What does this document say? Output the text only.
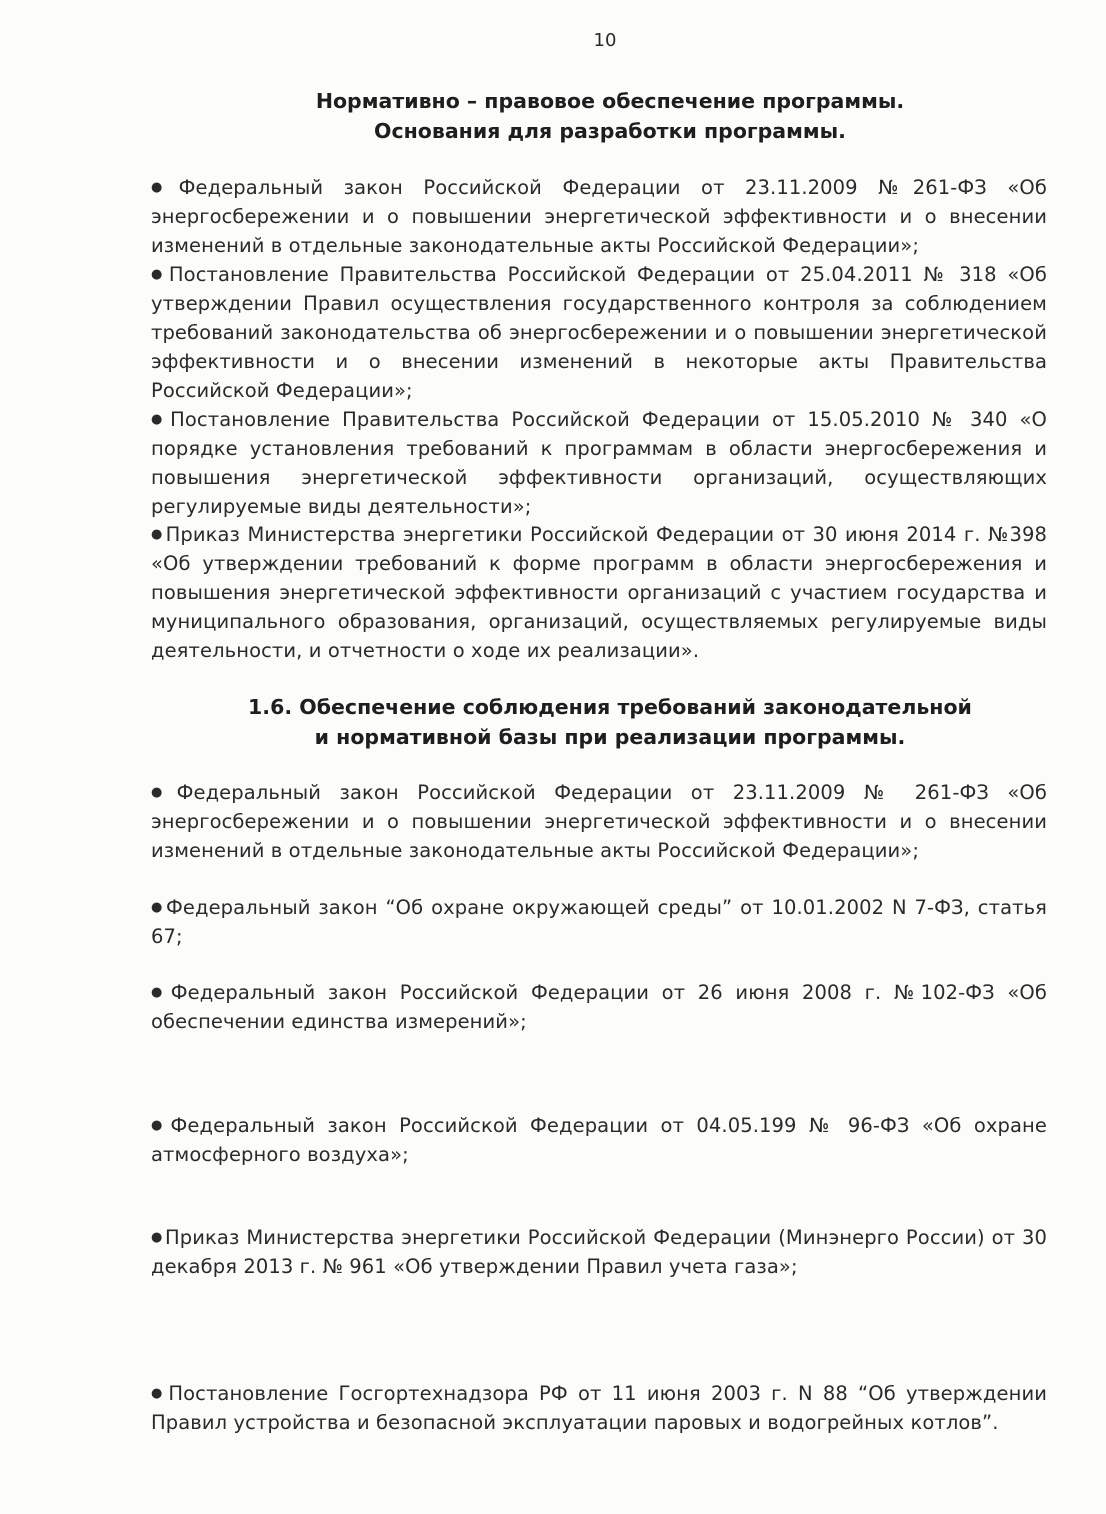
10
Нормативно – правовое обеспечение программы.
Основания для разработки программы.
● Федеральный закон Российской Федерации от 23.11.2009 №261-ФЗ «Об энергосбережении и о повышении энергетической эффективности и о внесении изменений в отдельные законодательные акты Российской Федерации»;
● Постановление Правительства Российской Федерации от 25.04.2011 № 318 «Об утверждении Правил осуществления государственного контроля за соблюдением требований законодательства об энергосбережении и о повышении энергетической эффективности и о внесении изменений в некоторые акты Правительства Российской Федерации»;
● Постановление Правительства Российской Федерации от 15.05.2010 № 340 «О порядке установления требований к программам в области энергосбережения и повышения энергетической эффективности организаций, осуществляющих регулируемые виды деятельности»;
● Приказ Министерства энергетики Российской Федерации от 30 июня 2014 г. №398 «Об утверждении требований к форме программ в области энергосбережения и повышения энергетической эффективности организаций с участием государства и муниципального образования, организаций, осуществляемых регулируемые виды деятельности, и отчетности о ходе их реализации».
1.6. Обеспечение соблюдения требований законодательной
и нормативной базы при реализации программы.
● Федеральный закон Российской Федерации от 23.11.2009 № 261-ФЗ «Об энергосбережении и о повышении энергетической эффективности и о внесении изменений в отдельные законодательные акты Российской Федерации»;
● Федеральный закон “Об охране окружающей среды” от 10.01.2002 N 7-ФЗ, статья 67;
● Федеральный закон Российской Федерации от 26 июня 2008 г. №102-ФЗ «Об обеспечении единства измерений»;
● Федеральный закон Российской Федерации от 04.05.199 № 96-ФЗ «Об охране атмосферного воздуха»;
● Приказ Министерства энергетики Российской Федерации (Минэнерго России) от 30 декабря 2013 г. № 961 «Об утверждении Правил учета газа»;
● Постановление Госгортехнадзора РФ от 11 июня 2003 г. N 88 “Об утверждении Правил устройства и безопасной эксплуатации паровых и водогрейных котлов”.
